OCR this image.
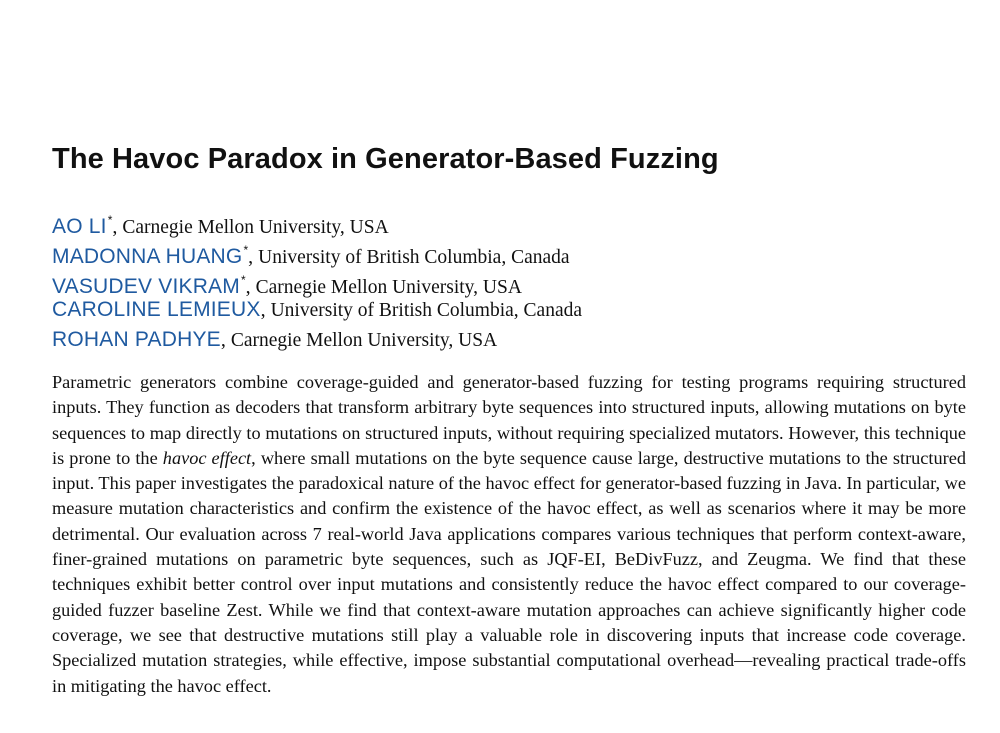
The Havoc Paradox in Generator-Based Fuzzing
AO LI*, Carnegie Mellon University, USA
MADONNA HUANG*, University of British Columbia, Canada
VASUDEV VIKRAM*, Carnegie Mellon University, USA
CAROLINE LEMIEUX, University of British Columbia, Canada
ROHAN PADHYE, Carnegie Mellon University, USA

Parametric generators combine coverage-guided and generator-based fuzzing for testing programs requiring structured inputs. They function as decoders that transform arbitrary byte sequences into structured inputs, allowing mutations on byte sequences to map directly to mutations on structured inputs, without requiring specialized mutators. However, this technique is prone to the havoc effect, where small mutations on the byte sequence cause large, destructive mutations to the structured input. This paper investigates the paradoxical nature of the havoc effect for generator-based fuzzing in Java. In particular, we measure mutation characteristics and confirm the existence of the havoc effect, as well as scenarios where it may be more detrimental. Our evaluation across 7 real-world Java applications compares various techniques that perform context-aware, finer-grained mutations on parametric byte sequences, such as JQF-EI, BeDivFuzz, and Zeugma. We find that these techniques exhibit better control over input mutations and consistently reduce the havoc effect compared to our coverage-guided fuzzer baseline Zest. While we find that context-aware mutation approaches can achieve significantly higher code coverage, we see that destructive mutations still play a valuable role in discovering inputs that increase code coverage. Specialized mutation strategies, while effective, impose substantial computational overhead—revealing practical trade-offs in mitigating the havoc effect.
